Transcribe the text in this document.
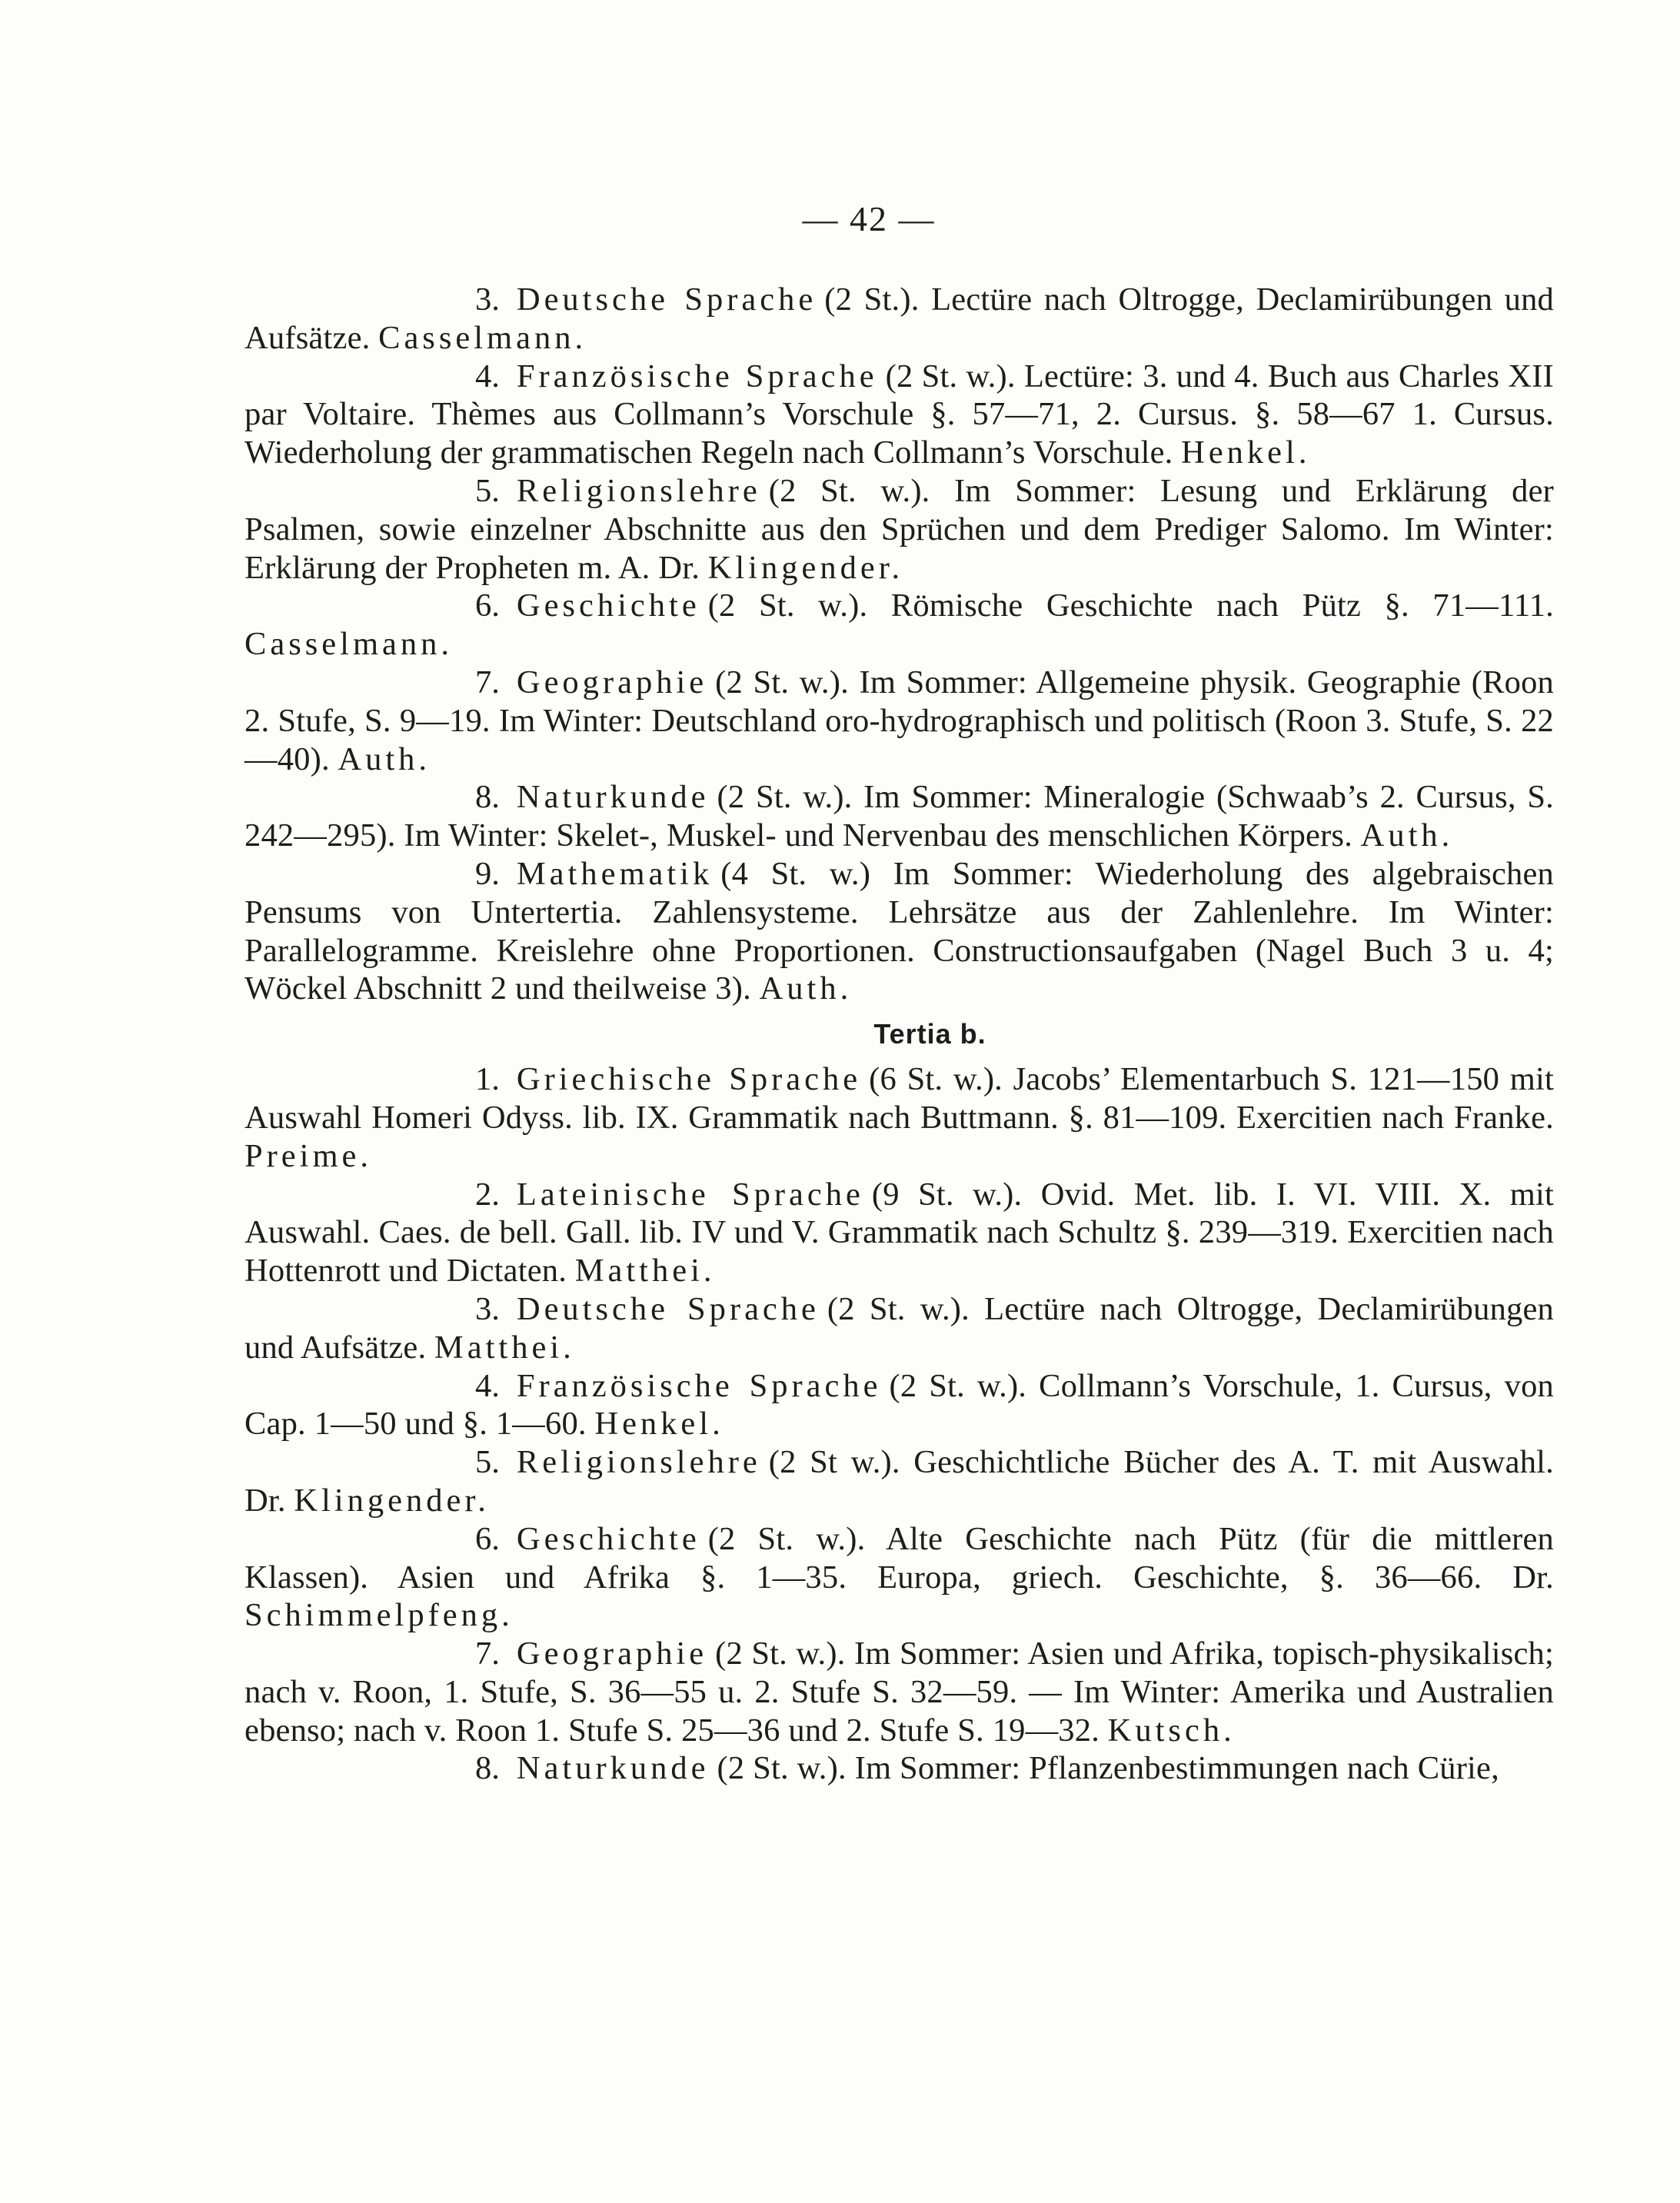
— 42 —

3. Deutsche Sprache (2 St.). Lectüre nach Oltrogge, Declamirübungen und Aufsätze. Casselmann.

4. Französische Sprache (2 St. w.). Lectüre: 3. und 4. Buch aus Charles XII par Voltaire. Thèmes aus Collmann’s Vorschule §. 57—71, 2. Cursus. §. 58—67 1. Cursus. Wiederholung der grammatischen Regeln nach Collmann’s Vorschule. Henkel.

5. Religionslehre (2 St. w.). Im Sommer: Lesung und Erklärung der Psalmen, sowie einzelner Abschnitte aus den Sprüchen und dem Prediger Salomo. Im Winter: Erklärung der Propheten m. A. Dr. Klingender.

6. Geschichte (2 St. w.). Römische Geschichte nach Pütz §. 71—111. Casselmann.

7. Geographie (2 St. w.). Im Sommer: Allgemeine physik. Geographie (Roon 2. Stufe, S. 9—19. Im Winter: Deutschland oro-hydrographisch und politisch (Roon 3. Stufe, S. 22—40). Auth.

8. Naturkunde (2 St. w.). Im Sommer: Mineralogie (Schwaab’s 2. Cursus, S. 242—295). Im Winter: Skelet-, Muskel- und Nervenbau des menschlichen Körpers. Auth.

9. Mathematik (4 St. w.) Im Sommer: Wiederholung des algebraischen Pensums von Untertertia. Zahlensysteme. Lehrsätze aus der Zahlenlehre. Im Winter: Parallelogramme. Kreislehre ohne Proportionen. Constructionsaufgaben (Nagel Buch 3 u. 4; Wöckel Abschnitt 2 und theilweise 3). Auth.

Tertia b.

1. Griechische Sprache (6 St. w.). Jacobs’ Elementarbuch S. 121—150 mit Auswahl Homeri Odyss. lib. IX. Grammatik nach Buttmann. §. 81—109. Exercitien nach Franke. Preime.

2. Lateinische Sprache (9 St. w.). Ovid. Met. lib. I. VI. VIII. X. mit Auswahl. Caes. de bell. Gall. lib. IV und V. Grammatik nach Schultz §. 239—319. Exercitien nach Hottenrott und Dictaten. Matthei.

3. Deutsche Sprache (2 St. w.). Lectüre nach Oltrogge, Declamirübungen und Aufsätze. Matthei.

4. Französische Sprache (2 St. w.). Collmann’s Vorschule, 1. Cursus, von Cap. 1—50 und §. 1—60. Henkel.

5. Religionslehre (2 St w.). Geschichtliche Bücher des A. T. mit Auswahl. Dr. Klingender.

6. Geschichte (2 St. w.). Alte Geschichte nach Pütz (für die mittleren Klassen). Asien und Afrika §. 1—35. Europa, griech. Geschichte, §. 36—66. Dr. Schimmelpfeng.

7. Geographie (2 St. w.). Im Sommer: Asien und Afrika, topisch-physikalisch; nach v. Roon, 1. Stufe, S. 36—55 u. 2. Stufe S. 32—59. — Im Winter: Amerika und Australien ebenso; nach v. Roon 1. Stufe S. 25—36 und 2. Stufe S. 19—32. Kutsch.

8. Naturkunde (2 St. w.). Im Sommer: Pflanzenbestimmungen nach Cürie,
